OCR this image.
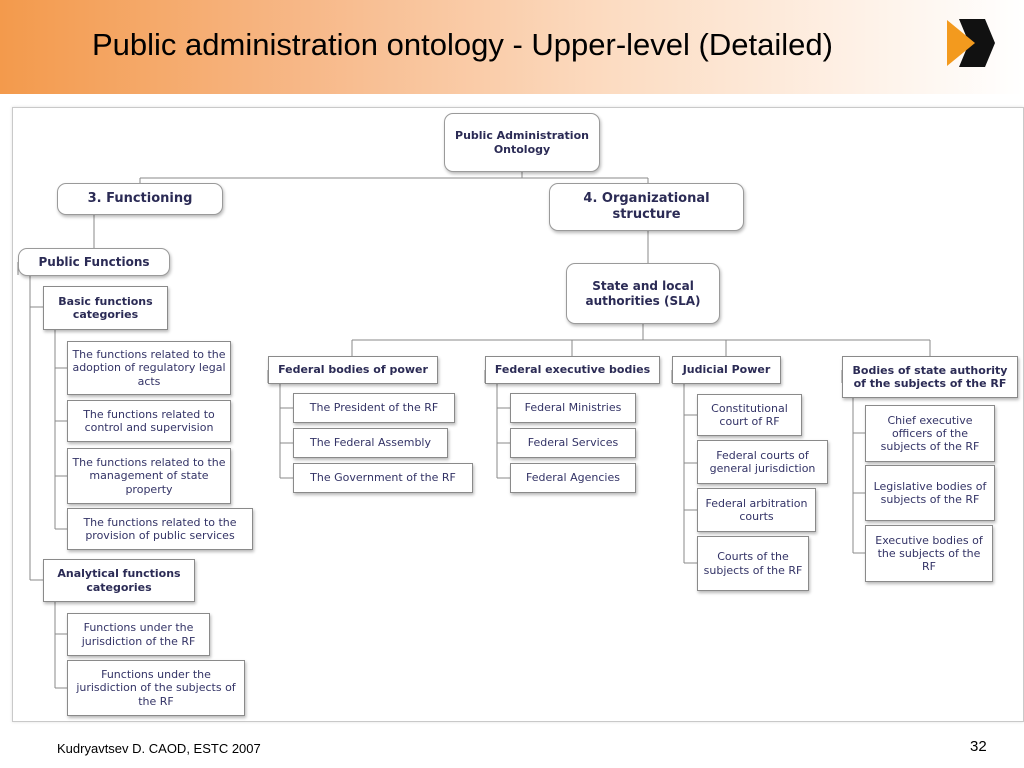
Public administration ontology - Upper-level (Detailed)
Public Administration Ontology
3. Functioning	4. Organizational structure
Public Functions
Basic functions categories
The functions related to the adoption of regulatory legal acts
The functions related to control and supervision
The functions related to the management of state property
The functions related to the provision of public services
Analytical functions categories
Functions under the jurisdiction of the RF
Functions under the jurisdiction of the subjects of the RF
State and local authorities (SLA)
Federal bodies of power
The President of the RF
The Federal Assembly
The Government of the RF
Federal executive bodies
Federal Ministries
Federal Services
Federal Agencies
Judicial Power
Constitutional court of RF
Federal courts of general jurisdiction
Federal arbitration courts
Courts of the subjects of the RF
Bodies of state authority of the subjects of the RF
Chief executive officers of the subjects of the RF
Legislative bodies of subjects of the RF
Executive bodies of the subjects of the RF
Kudryavtsev D. CAOD, ESTC 2007	32
